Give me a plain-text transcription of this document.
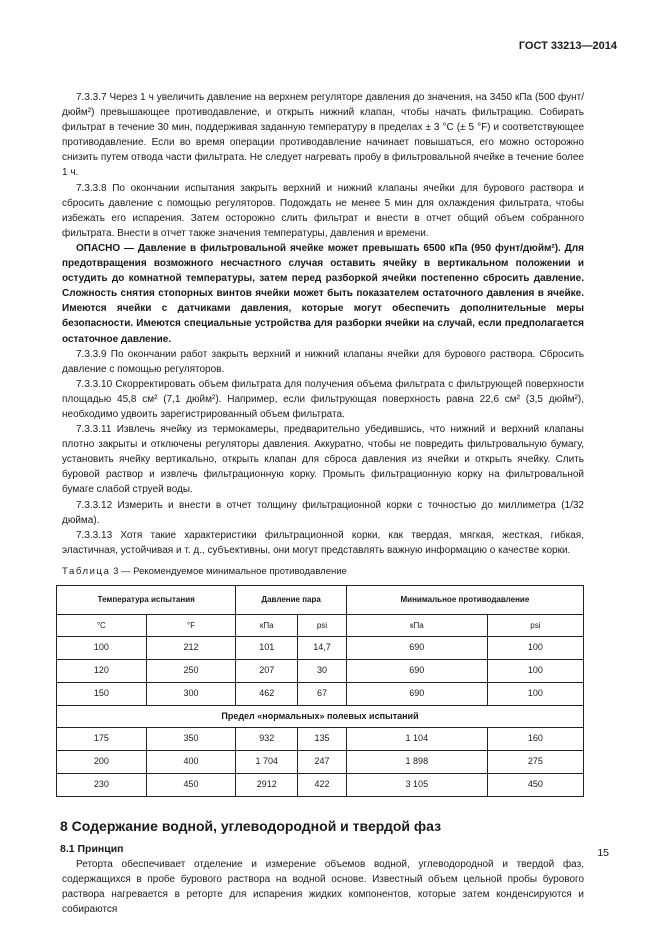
ГОСТ 33213—2014

7.3.3.7 Через 1 ч увеличить давление на верхнем регуляторе давления до значения, на 3450 кПа (500 фунт/дюйм²) превышающее противодавление, и открыть нижний клапан, чтобы начать фильтрацию. Собирать фильтрат в течение 30 мин, поддерживая заданную температуру в пределах ± 3 °С (± 5 °F) и соответствующее противодавление. Если во время операции противодавление начинает повышаться, его можно осторожно снизить путем отвода части фильтрата. Не следует нагревать пробу в фильтровальной ячейке в течение более 1 ч.

7.3.3.8 По окончании испытания закрыть верхний и нижний клапаны ячейки для бурового раствора и сбросить давление с помощью регуляторов. Подождать не менее 5 мин для охлаждения фильтрата, чтобы избежать его испарения. Затем осторожно слить фильтрат и внести в отчет общий объем собранного фильтрата. Внести в отчет также значения температуры, давления и времени.

ОПАСНО — Давление в фильтровальной ячейке может превышать 6500 кПа (950 фунт/дюйм²). Для предотвращения возможного несчастного случая оставить ячейку в вертикальном положении и остудить до комнатной температуры, затем перед разборкой ячейки постепенно сбросить давление. Сложность снятия стопорных винтов ячейки может быть показателем остаточного давления в ячейке. Имеются ячейки с датчиками давления, которые могут обеспечить дополнительные меры безопасности. Имеются специальные устройства для разборки ячейки на случай, если предполагается остаточное давление.

7.3.3.9 По окончании работ закрыть верхний и нижний клапаны ячейки для бурового раствора. Сбросить давление с помощью регуляторов.

7.3.3.10 Скорректировать объем фильтрата для получения объема фильтрата с фильтрующей поверхности площадью 45,8 см² (7,1 дюйм²). Например, если фильтрующая поверхность равна 22,6 см² (3,5 дюйм²), необходимо удвоить зарегистрированный объем фильтрата.

7.3.3.11 Извлечь ячейку из термокамеры, предварительно убедившись, что нижний и верхний клапаны плотно закрыты и отключены регуляторы давления. Аккуратно, чтобы не повредить фильтровальную бумагу, установить ячейку вертикально, открыть клапан для сброса давления из ячейки и открыть ячейку. Слить буровой раствор и извлечь фильтрационную корку. Промыть фильтрационную корку на фильтровальной бумаге слабой струей воды.

7.3.3.12 Измерить и внести в отчет толщину фильтрационной корки с точностью до миллиметра (1/32 дюйма).

7.3.3.13 Хотя такие характеристики фильтрационной корки, как твердая, мягкая, жесткая, гибкая, эластичная, устойчивая и т. д., субъективны, они могут представлять важную информацию о качестве корки.

Таблица 3 — Рекомендуемое минимальное противодавление

Температура испытания		Давление пара		Минимальное противодавление	
°С	°F	кПа	psi	кПа	psi
100	212	101	14,7	690	100
120	250	207	30	690	100
150	300	462	67	690	100
Предел «нормальных» полевых испытаний					
175	350	932	135	1 104	160
200	400	1 704	247	1 898	275
230	450	2912	422	3 105	450
8 Содержание водной, углеводородной и твердой фаз
8.1 Принцип

Реторта обеспечивает отделение и измерение объемов водной, углеводородной и твердой фаз, содержащихся в пробе бурового раствора на водной основе. Известный объем цельной пробы бурового раствора нагревается в реторте для испарения жидких компонентов, которые затем конденсируются и собираются

15
